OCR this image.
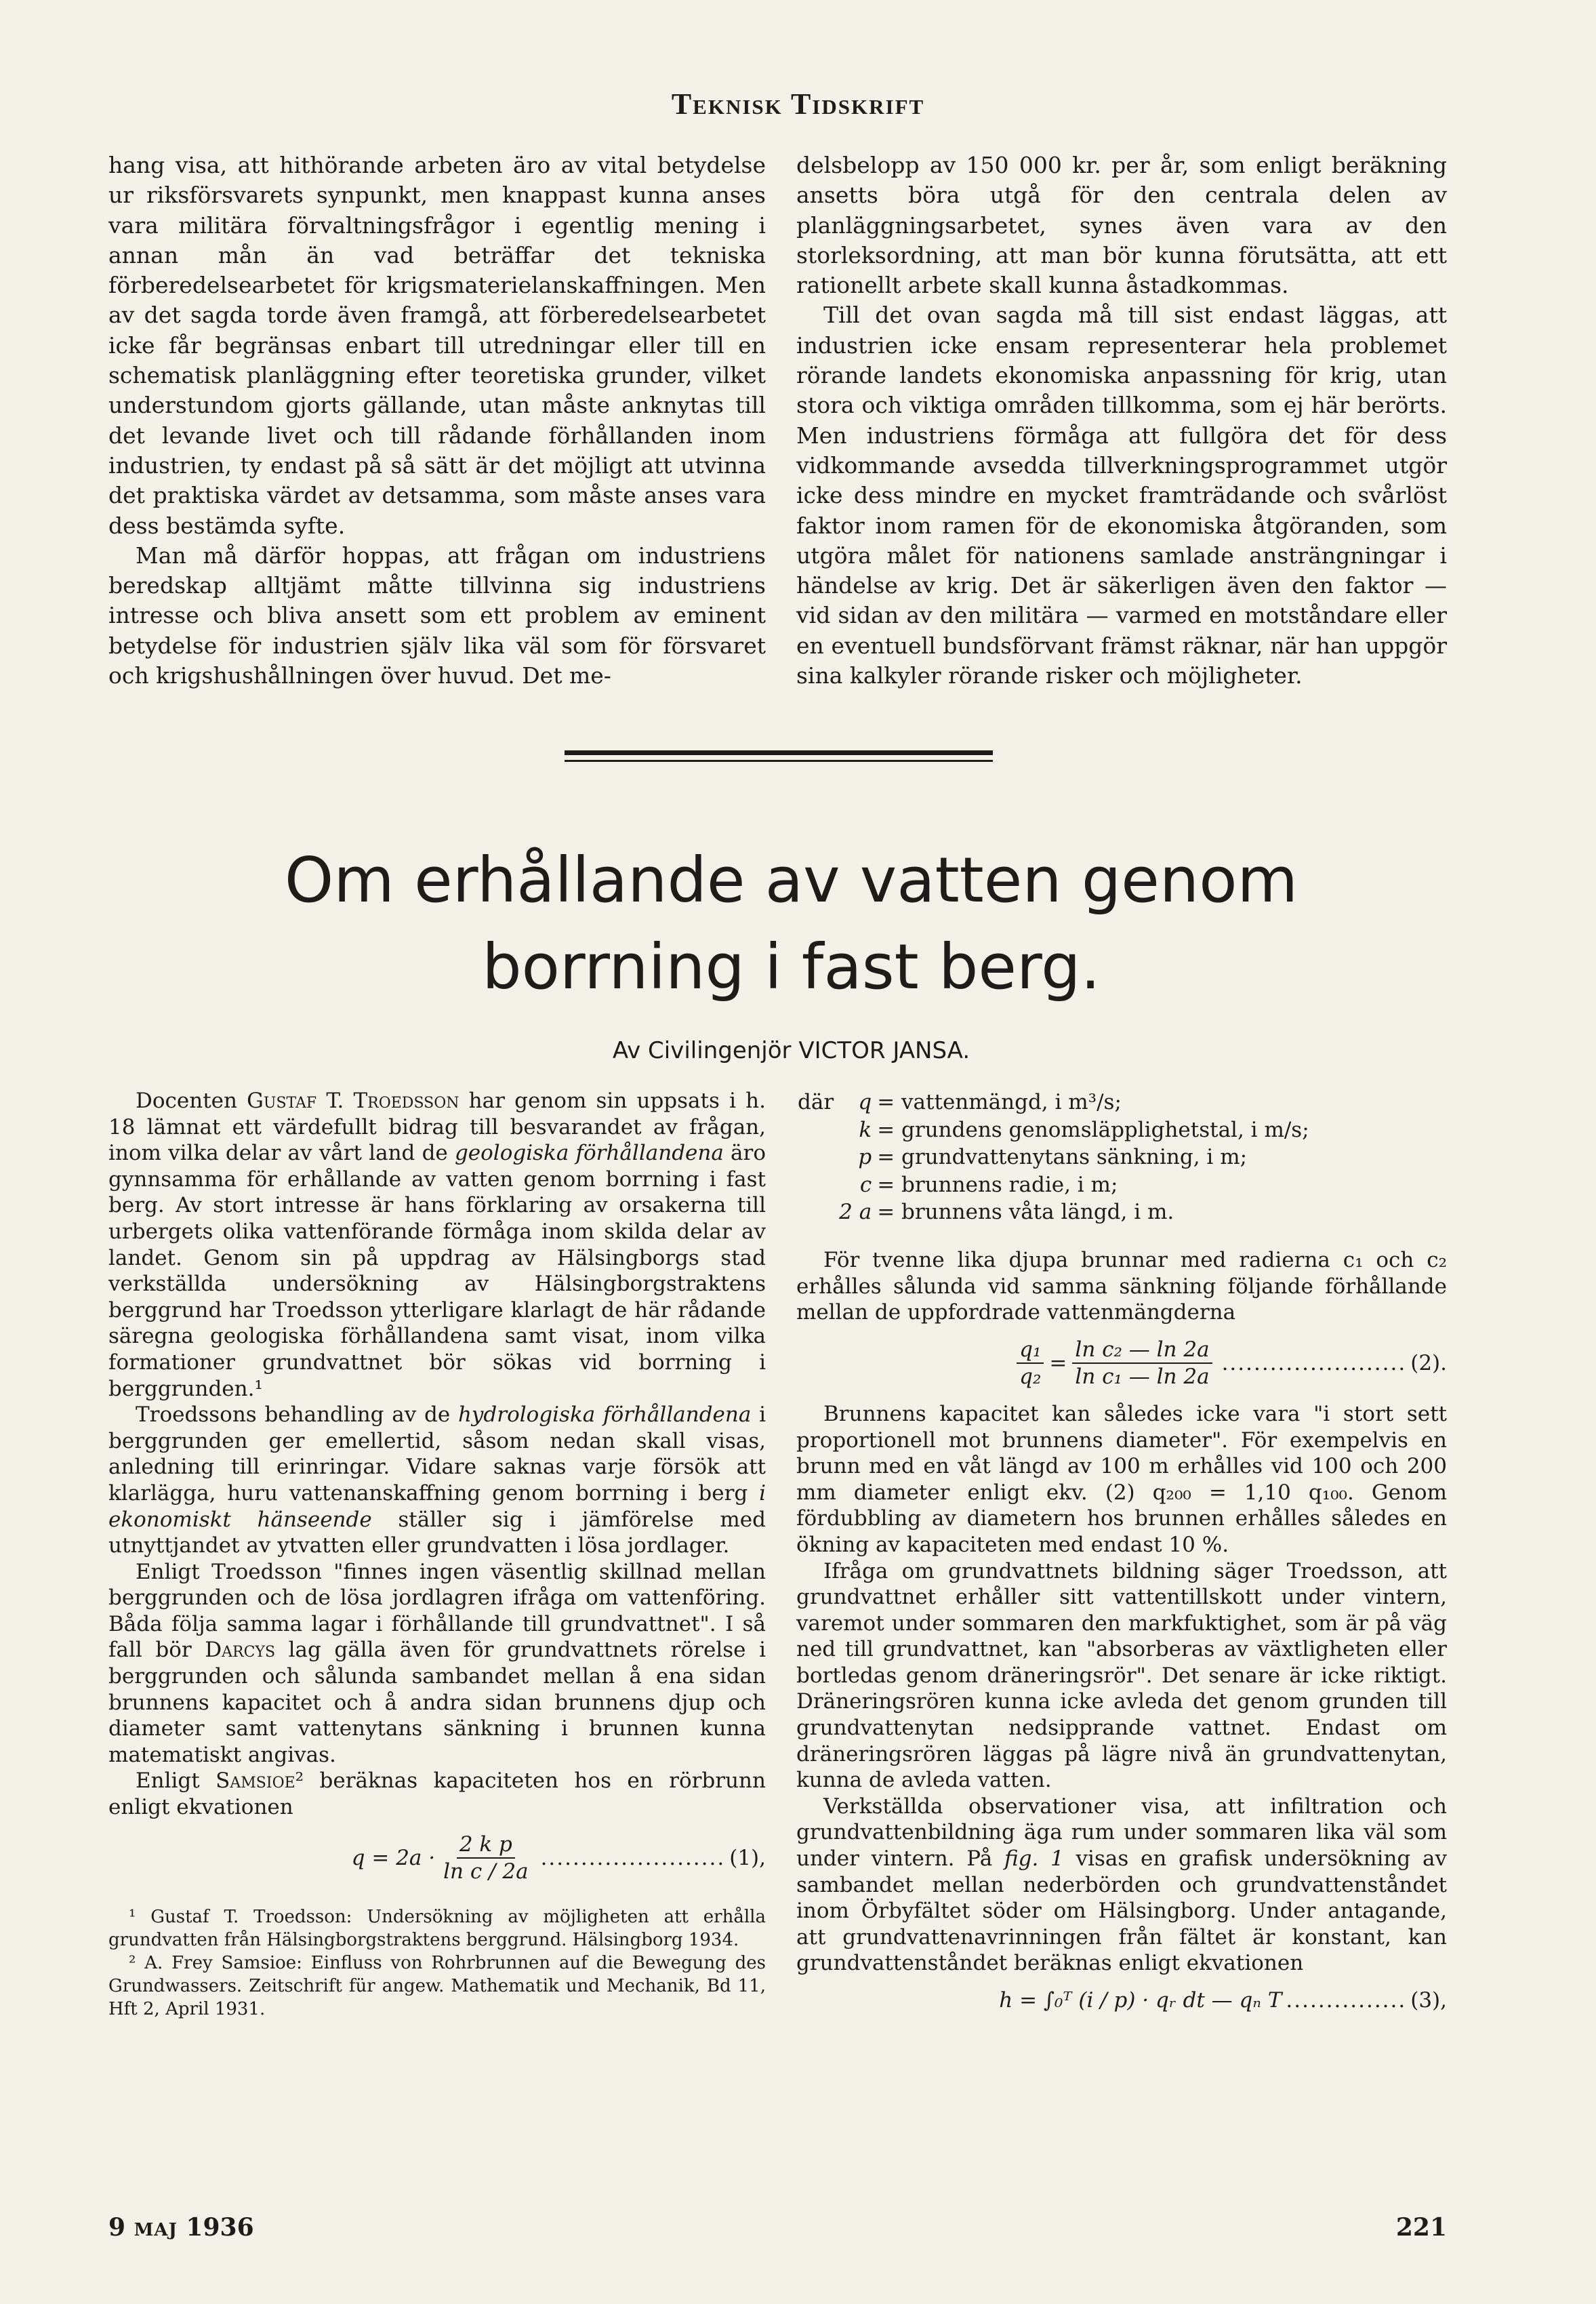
Teknisk Tidskrift

hang visa, att hithörande arbeten äro av vital betydelse ur riksförsvarets synpunkt, men knappast kunna anses vara militära förvaltningsfrågor i egentlig mening i annan mån än vad beträffar det tekniska förberedelsearbetet för krigsmaterielanskaffningen. Men av det sagda torde även framgå, att förberedelsearbetet icke får begränsas enbart till utredningar eller till en schematisk planläggning efter teoretiska grunder, vilket understundom gjorts gällande, utan måste anknytas till det levande livet och till rådande förhållanden inom industrien, ty endast på så sätt är det möjligt att utvinna det praktiska värdet av detsamma, som måste anses vara dess bestämda syfte.

Man må därför hoppas, att frågan om industriens beredskap alltjämt måtte tillvinna sig industriens intresse och bliva ansett som ett problem av eminent betydelse för industrien själv lika väl som för försvaret och krigshushållningen över huvud. Det me-

delsbelopp av 150 000 kr. per år, som enligt beräkning ansetts böra utgå för den centrala delen av planläggningsarbetet, synes även vara av den storleksordning, att man bör kunna förutsätta, att ett rationellt arbete skall kunna åstadkommas.

Till det ovan sagda må till sist endast läggas, att industrien icke ensam representerar hela problemet rörande landets ekonomiska anpassning för krig, utan stora och viktiga områden tillkomma, som ej här berörts. Men industriens förmåga att fullgöra det för dess vidkommande avsedda tillverkningsprogrammet utgör icke dess mindre en mycket framträdande och svårlöst faktor inom ramen för de ekonomiska åtgöranden, som utgöra målet för nationens samlade ansträngningar i händelse av krig. Det är säkerligen även den faktor — vid sidan av den militära — varmed en motståndare eller en eventuell bundsförvant främst räknar, när han uppgör sina kalkyler rörande risker och möjligheter.

Om erhållande av vatten genom
borrning i fast berg.
Av Civilingenjör VICTOR JANSA.

Docenten Gustaf T. Troedsson har genom sin uppsats i h. 18 lämnat ett värdefullt bidrag till besvarandet av frågan, inom vilka delar av vårt land de geologiska förhållandena äro gynnsamma för erhållande av vatten genom borrning i fast berg. Av stort intresse är hans förklaring av orsakerna till urbergets olika vattenförande förmåga inom skilda delar av landet. Genom sin på uppdrag av Hälsingborgs stad verkställda undersökning av Hälsingborgstraktens berggrund har Troedsson ytterligare klarlagt de här rådande säregna geologiska förhållandena samt visat, inom vilka formationer grundvattnet bör sökas vid borrning i berggrunden.¹

Troedssons behandling av de hydrologiska förhållandena i berggrunden ger emellertid, såsom nedan skall visas, anledning till erinringar. Vidare saknas varje försök att klarlägga, huru vattenanskaffning genom borrning i berg i ekonomiskt hänseende ställer sig i jämförelse med utnyttjandet av ytvatten eller grundvatten i lösa jordlager.

Enligt Troedsson "finnes ingen väsentlig skillnad mellan berggrunden och de lösa jordlagren ifråga om vattenföring. Båda följa samma lagar i förhållande till grundvattnet". I så fall bör Darcys lag gälla även för grundvattnets rörelse i berggrunden och sålunda sambandet mellan å ena sidan brunnens kapacitet och å andra sidan brunnens djup och diameter samt vattenytans sänkning i brunnen kunna matematiskt angivas.

Enligt Samsioe² beräknas kapaciteten hos en rörbrunn enligt ekvationen

$q = 2a \cdot \frac{\text{2 k p}}{\text{ln c / 2a}}$ ....................... (1),

¹ Gustaf T. Troedsson: Undersökning av möjligheten att erhålla grundvatten från Hälsingborgstraktens berggrund. Hälsingborg 1934.

² A. Frey Samsioe: Einfluss von Rohrbrunnen auf die Bewegung des Grundwassers. Zeitschrift für angew. Mathematik und Mechanik, Bd 11, Hft 2, April 1931.

där	q	= vattenmängd, i m³/s;
	k	= grundens genomsläpplighetstal, i m/s;
	p	= grundvattenytans sänkning, i m;
	c	= brunnens radie, i m;
	2 a	= brunnens våta längd, i m.

För tvenne lika djupa brunnar med radierna c₁ och c₂ erhålles sålunda vid samma sänkning följande förhållande mellan de uppfordrade vattenmängderna

$\frac{\text{q₁}}{\text{q₂}} = \frac{\text{ln c₂ — ln 2a}}{\text{ln c₁ — ln 2a}}$ ....................... (2).

Brunnens kapacitet kan således icke vara "i stort sett proportionell mot brunnens diameter". För exempelvis en brunn med en våt längd av 100 m erhålles vid 100 och 200 mm diameter enligt ekv. (2) q₂₀₀ = 1,10 q₁₀₀. Genom fördubbling av diametern hos brunnen erhålles således en ökning av kapaciteten med endast 10 %.

Ifråga om grundvattnets bildning säger Troedsson, att grundvattnet erhåller sitt vattentillskott under vintern, varemot under sommaren den markfuktighet, som är på väg ned till grundvattnet, kan "absorberas av växtligheten eller bortledas genom dräneringsrör". Det senare är icke riktigt. Dräneringsrören kunna icke avleda det genom grunden till grundvattenytan nedsipprande vattnet. Endast om dräneringsrören läggas på lägre nivå än grundvattenytan, kunna de avleda vatten.

Verkställda observationer visa, att infiltration och grundvattenbildning äga rum under sommaren lika väl som under vintern. På fig. 1 visas en grafisk undersökning av sambandet mellan nederbörden och grundvattenståndet inom Örbyfältet söder om Hälsingborg. Under antagande, att grundvattenavrinningen från fältet är konstant, kan grundvattenståndet beräknas enligt ekvationen

h = ∫₀ᵀ (i / p) · qᵣ dt — qₙ T ............... (3),
9 MAJ 1936	221
